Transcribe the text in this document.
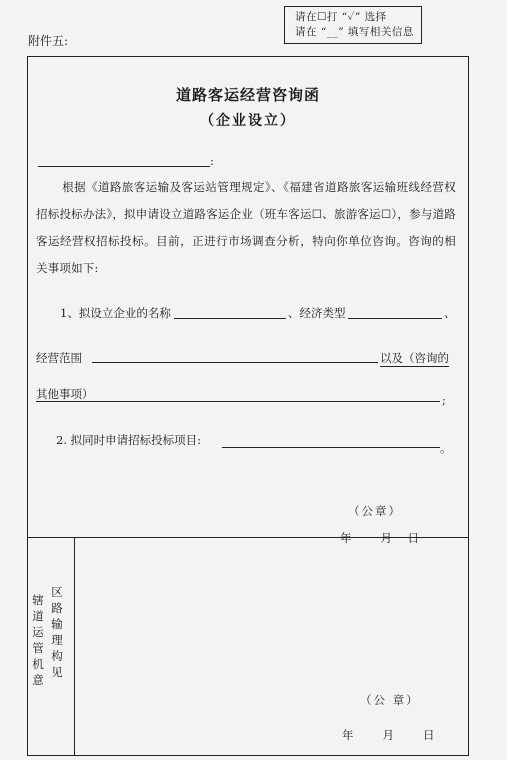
请在☐打 “✓” 选择
请在 “__” 填写相关信息
附件五:
道路客运经营咨询函
（企业设立）
:
根据《道路旅客运输及客运站管理规定》、《福建省道路旅客运输班线经营权招标投标办法》，拟申请设立道路客运企业（班车客运☐、旅游客运☐），参与道路客运经营权招标投标。目前，正进行市场调查分析，特向你单位咨询。咨询的相关事项如下:
1、拟设立企业的名称	、经济类型	、
经营范围	以及（咨询的
其他事项）	;
2. 拟同时申请招标投标项目:
。
（公章）
年　　月　日
辖道运管机意
区路输理构见
（公 章）
年　　月　　日
